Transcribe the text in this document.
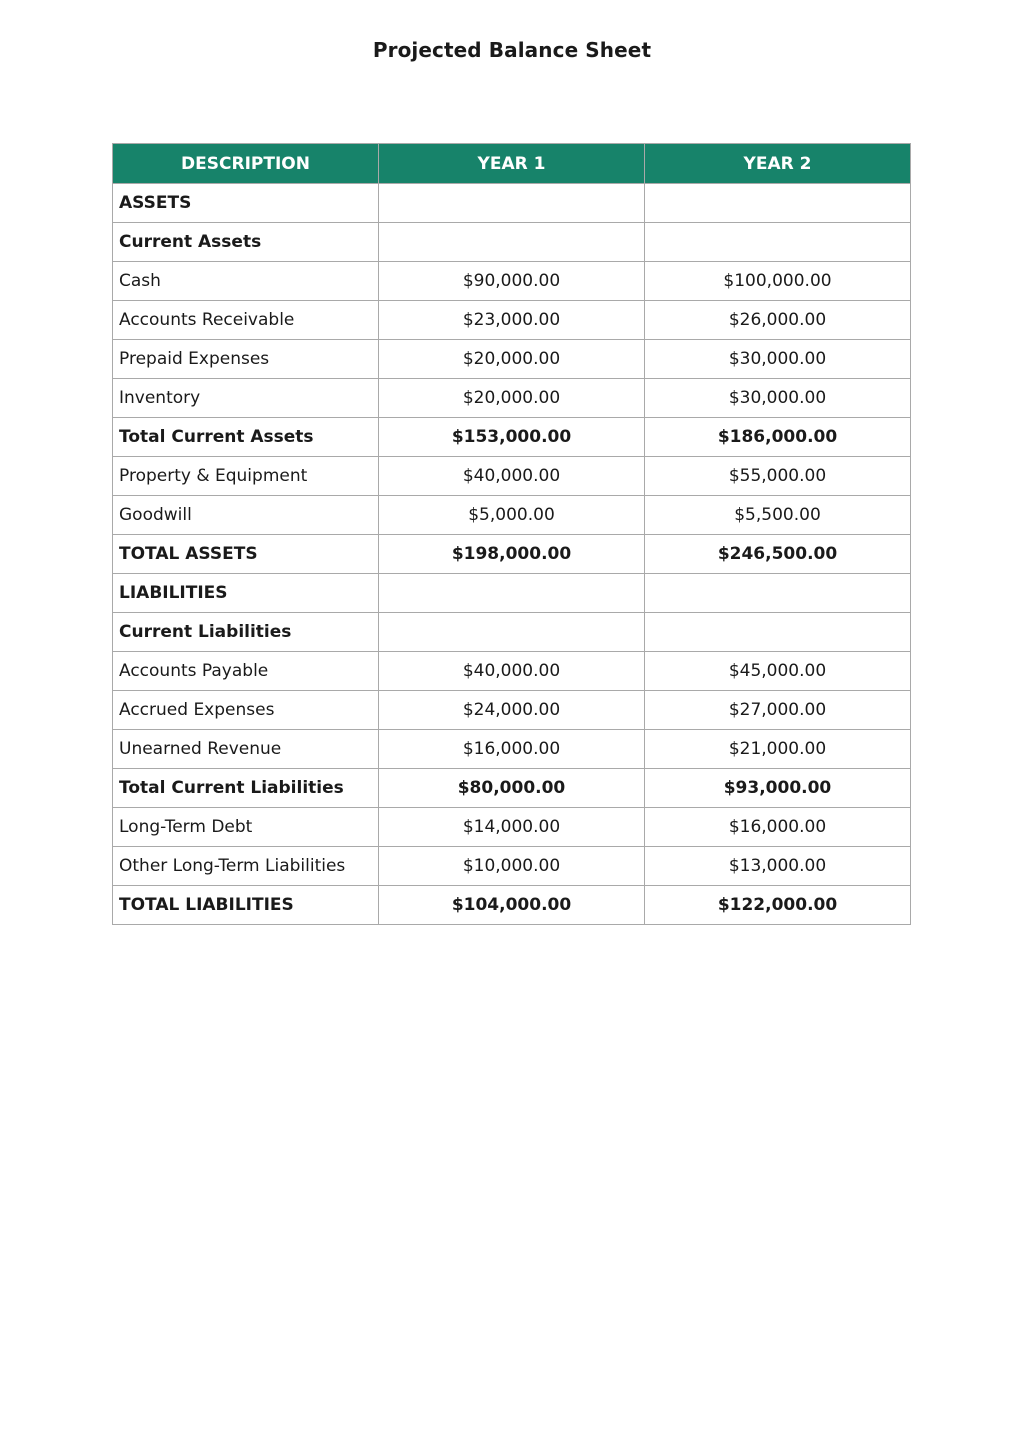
Projected Balance Sheet
DESCRIPTION	YEAR 1	YEAR 2
ASSETS		
Current Assets		
Cash	$90,000.00	$100,000.00
Accounts Receivable	$23,000.00	$26,000.00
Prepaid Expenses	$20,000.00	$30,000.00
Inventory	$20,000.00	$30,000.00
Total Current Assets	$153,000.00	$186,000.00
Property & Equipment	$40,000.00	$55,000.00
Goodwill	$5,000.00	$5,500.00
TOTAL ASSETS	$198,000.00	$246,500.00
LIABILITIES		
Current Liabilities		
Accounts Payable	$40,000.00	$45,000.00
Accrued Expenses	$24,000.00	$27,000.00
Unearned Revenue	$16,000.00	$21,000.00
Total Current Liabilities	$80,000.00	$93,000.00
Long-Term Debt	$14,000.00	$16,000.00
Other Long-Term Liabilities	$10,000.00	$13,000.00
TOTAL LIABILITIES	$104,000.00	$122,000.00
